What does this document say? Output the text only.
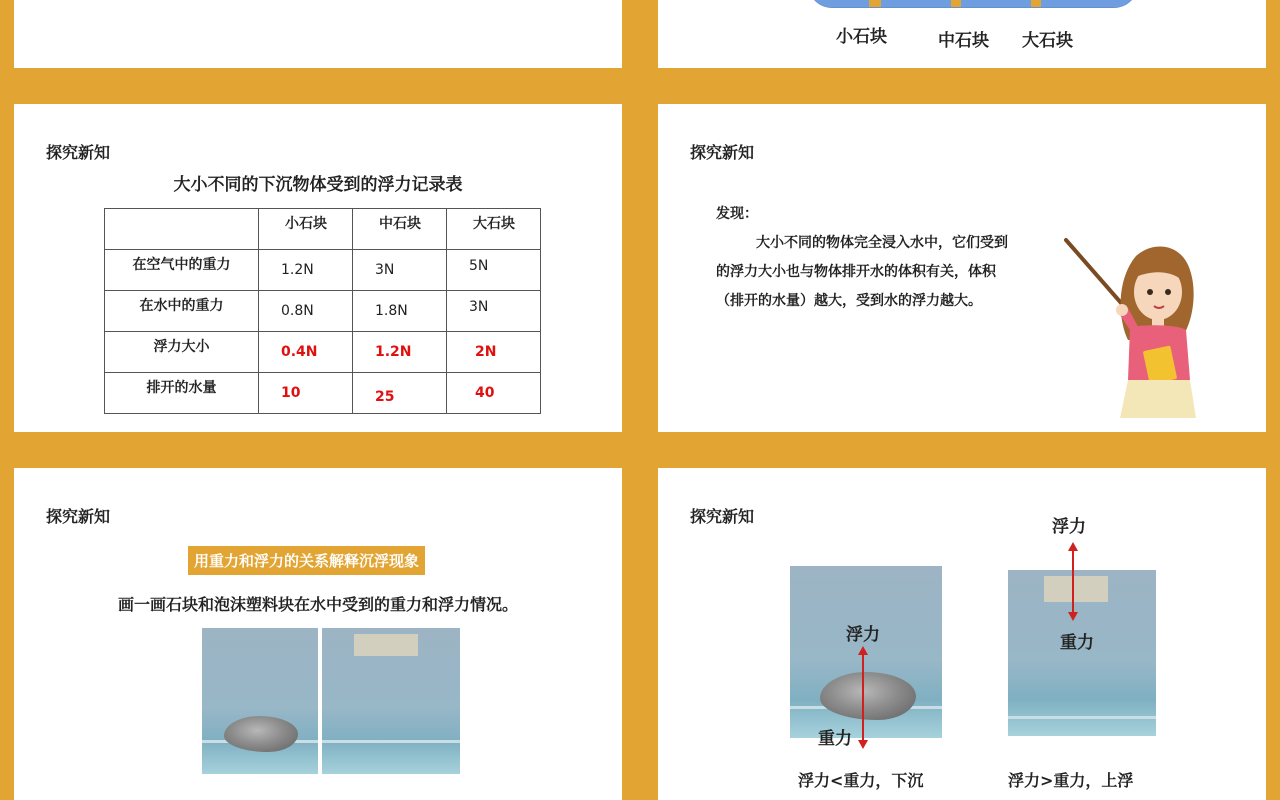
小石块	中石块 大石块
探究新知
大小不同的下沉物体受到的浮力记录表
	小石块	中石块	大石块
在空气中的重力	1.2N	3N	5N
在水中的重力	0.8N	1.8N	3N
浮力大小	0.4N	1.2N	2N
排开的水量	10	25	40
探究新知
发现：
大小不同的物体完全浸入水中，它们受到的浮力大小也与物体排开水的体积有关，体积（排开的水量）越大，受到水的浮力越大。
探究新知
用重力和浮力的关系解释沉浮现象
画一画石块和泡沫塑料块在水中受到的重力和浮力情况。
探究新知
浮力
重力
浮力<重力，下沉
浮力
重力
浮力>重力，上浮
